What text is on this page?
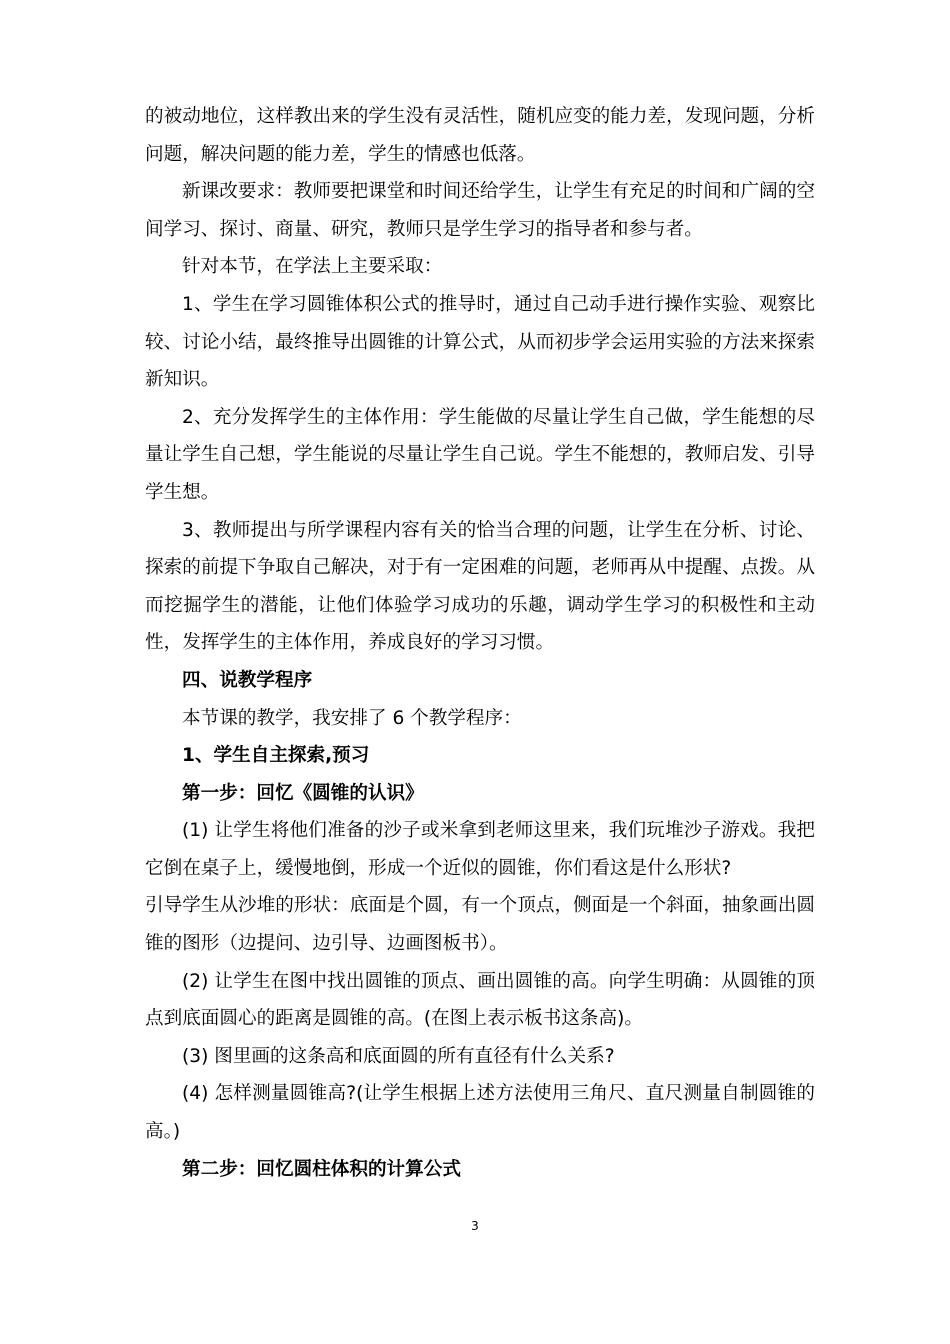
的被动地位，这样教出来的学生没有灵活性，随机应变的能力差，发现问题，分析问题，解决问题的能力差，学生的情感也低落。

新课改要求：教师要把课堂和时间还给学生，让学生有充足的时间和广阔的空间学习、探讨、商量、研究，教师只是学生学习的指导者和参与者。

针对本节，在学法上主要采取：

1、学生在学习圆锥体积公式的推导时，通过自己动手进行操作实验、观察比较、讨论小结，最终推导出圆锥的计算公式，从而初步学会运用实验的方法来探索新知识。

2、充分发挥学生的主体作用：学生能做的尽量让学生自己做，学生能想的尽量让学生自己想，学生能说的尽量让学生自己说。学生不能想的，教师启发、引导学生想。

3、教师提出与所学课程内容有关的恰当合理的问题，让学生在分析、讨论、探索的前提下争取自己解决，对于有一定困难的问题，老师再从中提醒、点拨。从而挖掘学生的潜能，让他们体验学习成功的乐趣，调动学生学习的积极性和主动性，发挥学生的主体作用，养成良好的学习习惯。

四、说教学程序

本节课的教学，我安排了 6 个教学程序：

1、学生自主探索,预习

第一步：回忆《圆锥的认识》

(1) 让学生将他们准备的沙子或米拿到老师这里来，我们玩堆沙子游戏。我把它倒在桌子上，缓慢地倒，形成一个近似的圆锥，你们看这是什么形状?

引导学生从沙堆的形状：底面是个圆，有一个顶点，侧面是一个斜面，抽象画出圆锥的图形（边提问、边引导、边画图板书）。

(2) 让学生在图中找出圆锥的顶点、画出圆锥的高。向学生明确：从圆锥的顶点到底面圆心的距离是圆锥的高。(在图上表示板书这条高)。

(3) 图里画的这条高和底面圆的所有直径有什么关系?

(4) 怎样测量圆锥高?(让学生根据上述方法使用三角尺、直尺测量自制圆锥的高。)

第二步：回忆圆柱体积的计算公式

3
